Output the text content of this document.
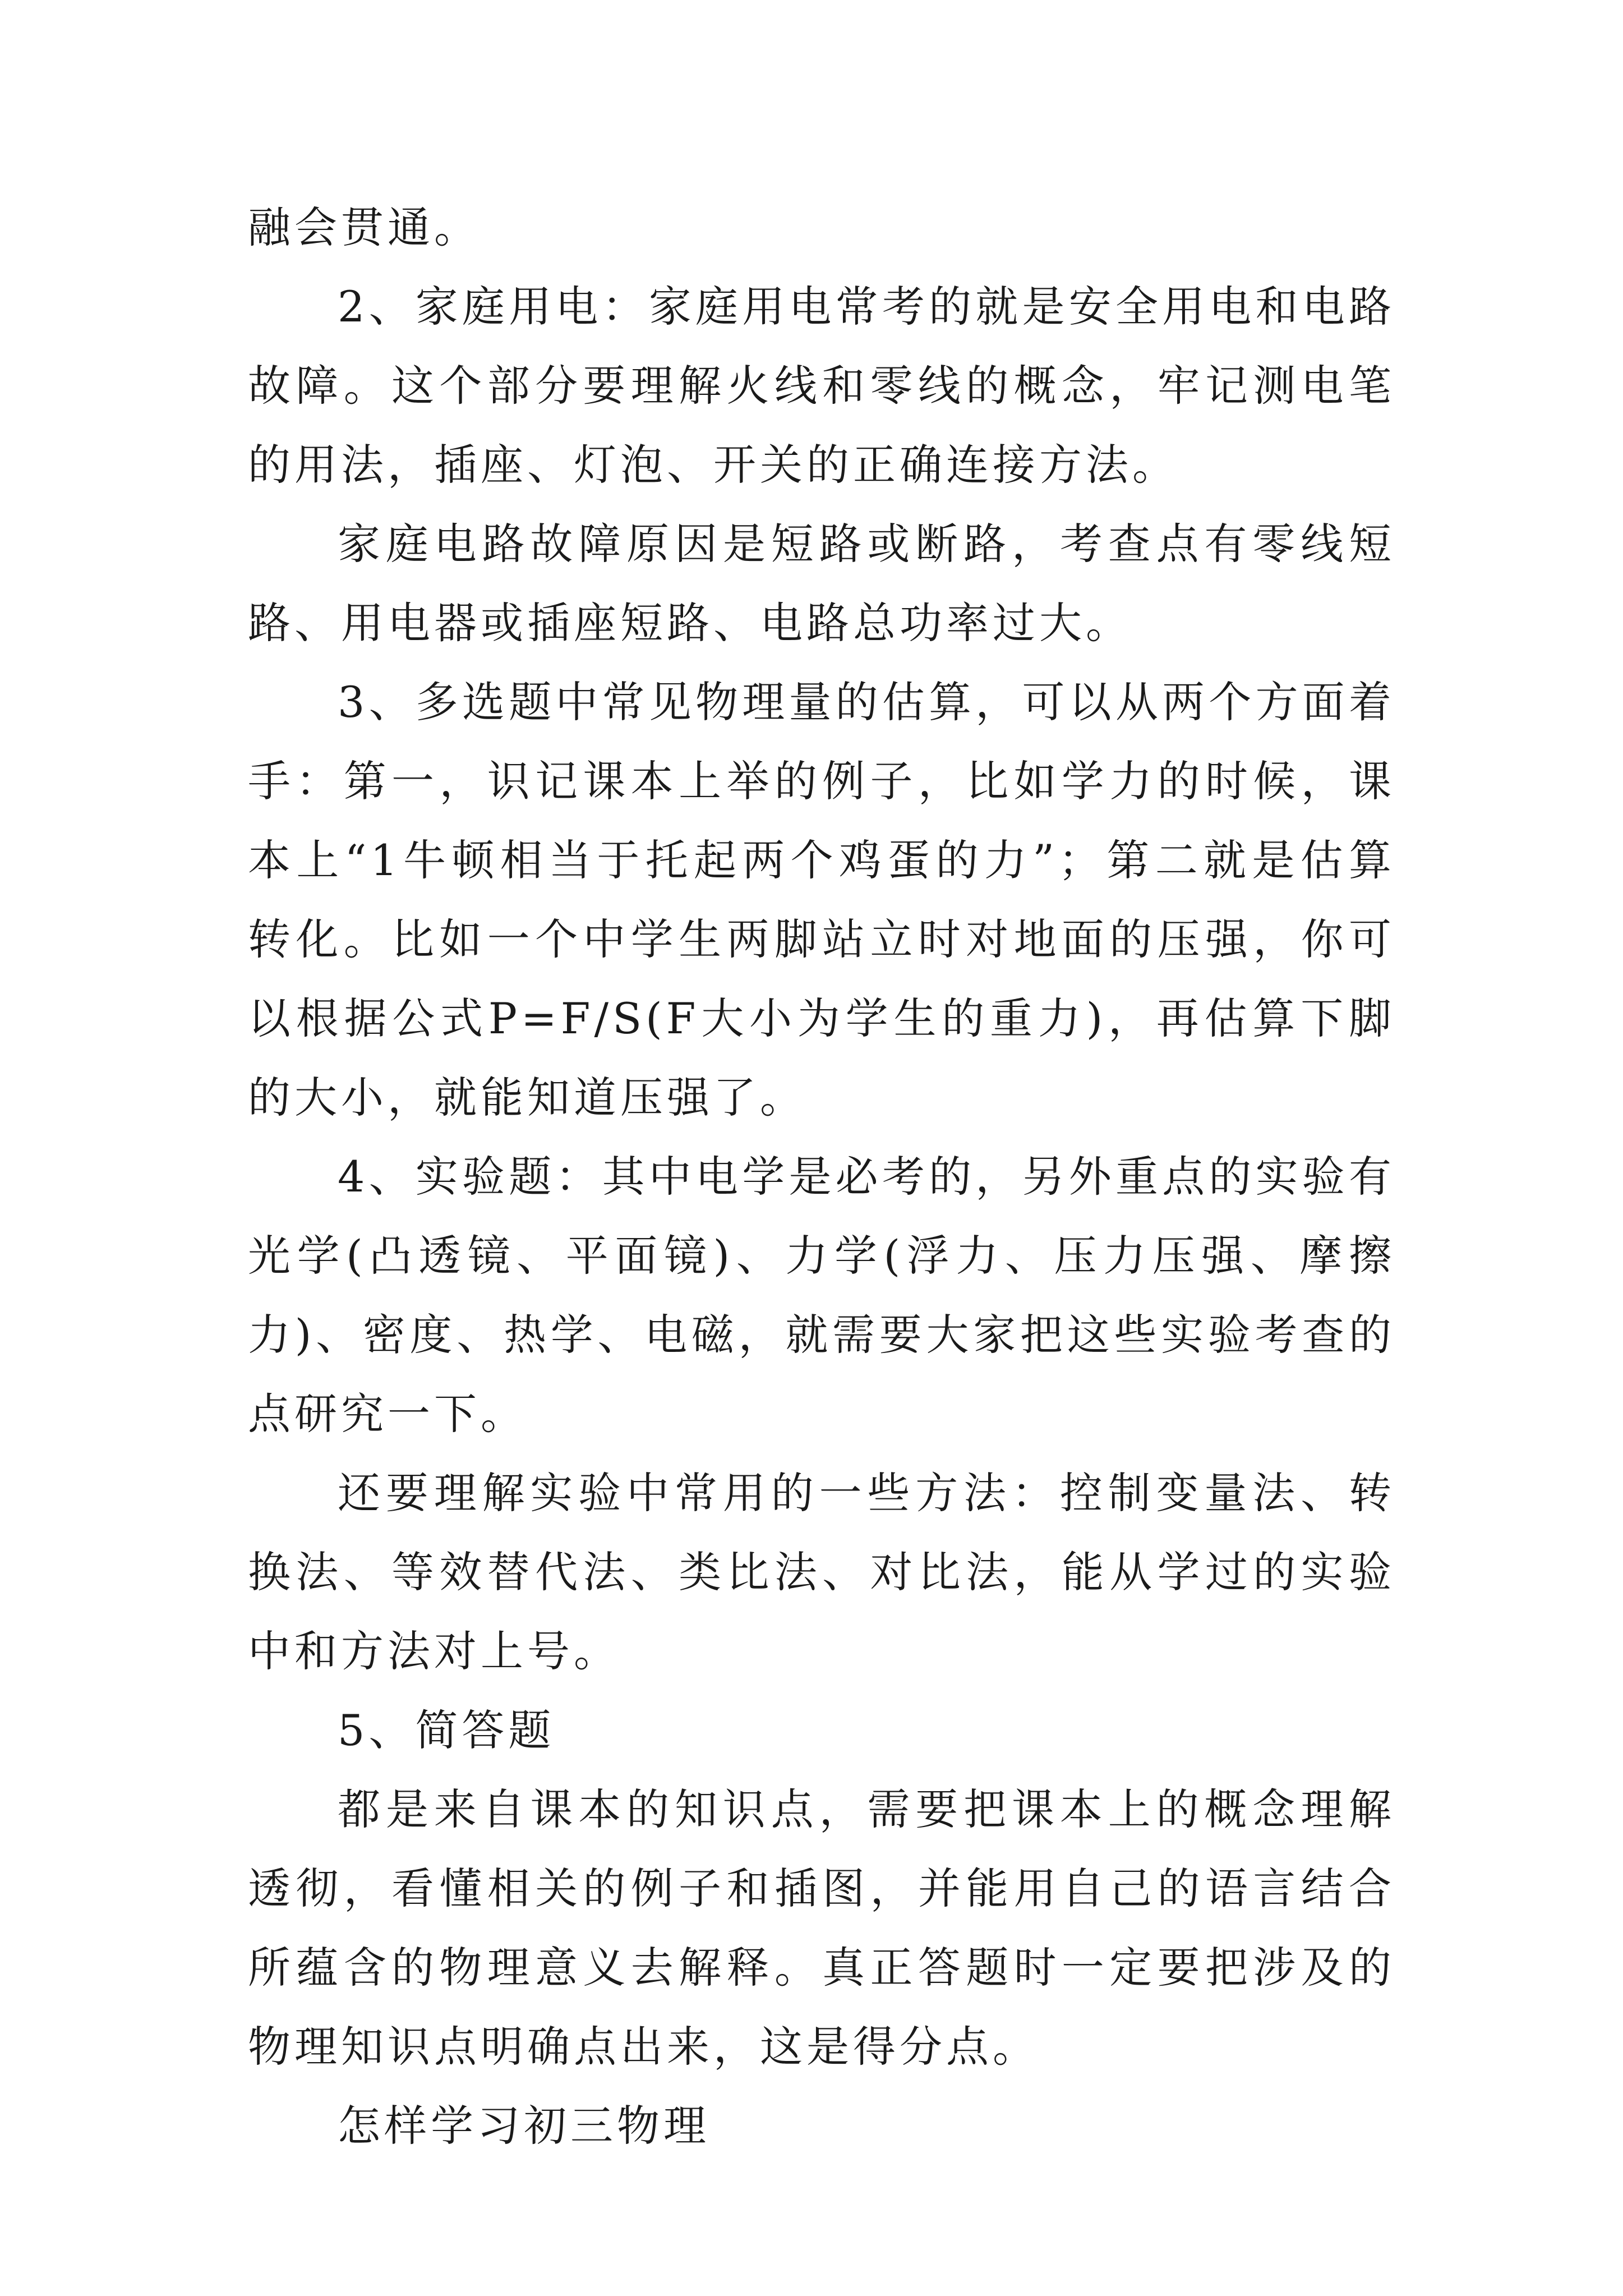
融会贯通。

2、家庭用电：家庭用电常考的就是安全用电和电路故障。这个部分要理解火线和零线的概念，牢记测电笔的用法，插座、灯泡、开关的正确连接方法。

家庭电路故障原因是短路或断路，考查点有零线短路、用电器或插座短路、电路总功率过大。

3、多选题中常见物理量的估算，可以从两个方面着手：第一，识记课本上举的例子，比如学力的时候，课本上“1牛顿相当于托起两个鸡蛋的力”；第二就是估算转化。比如一个中学生两脚站立时对地面的压强，你可以根据公式P=F/S(F大小为学生的重力)，再估算下脚的大小，就能知道压强了。

4、实验题：其中电学是必考的，另外重点的实验有光学(凸透镜、平面镜)、力学(浮力、压力压强、摩擦力)、密度、热学、电磁，就需要大家把这些实验考查的点研究一下。

还要理解实验中常用的一些方法：控制变量法、转换法、等效替代法、类比法、对比法，能从学过的实验中和方法对上号。

5、简答题

都是来自课本的知识点，需要把课本上的概念理解透彻，看懂相关的例子和插图，并能用自己的语言结合所蕴含的物理意义去解释。真正答题时一定要把涉及的物理知识点明确点出来，这是得分点。

怎样学习初三物理
